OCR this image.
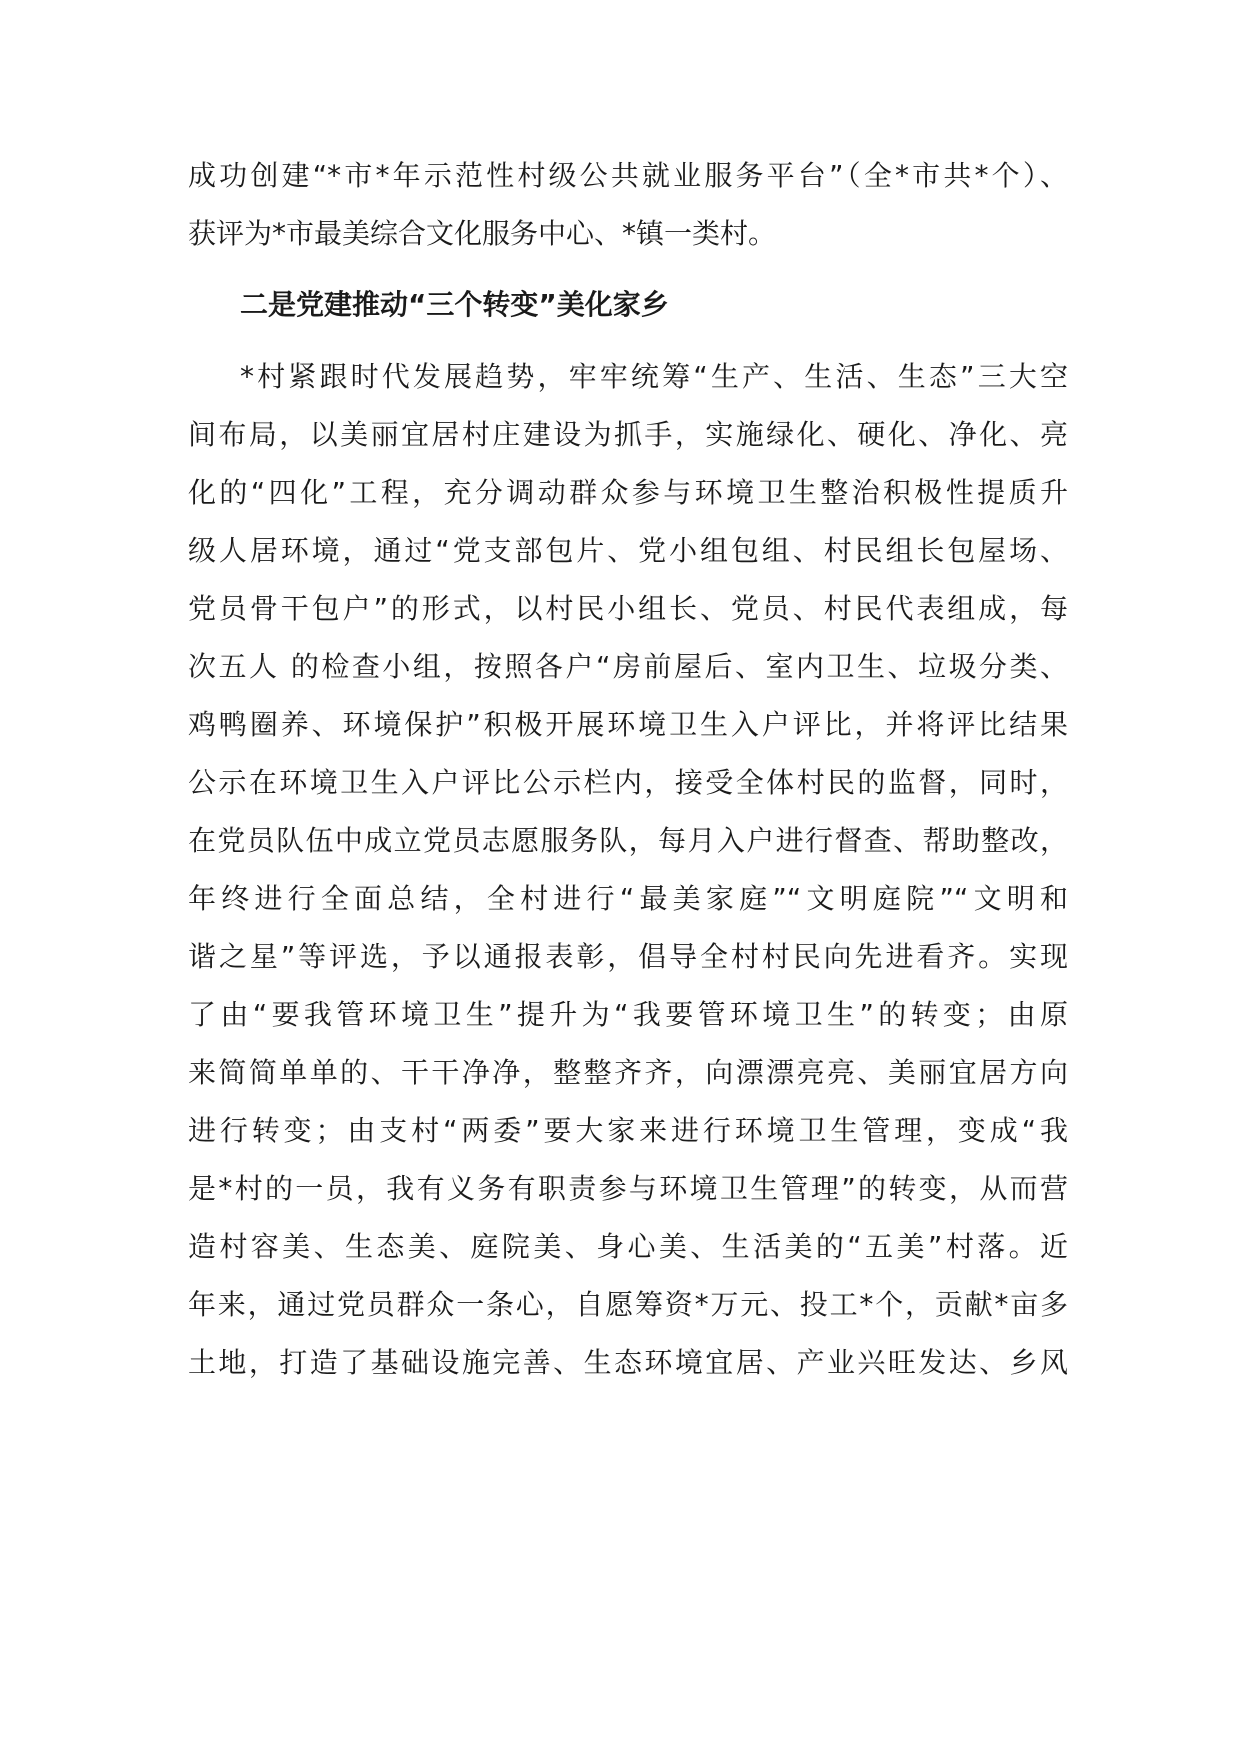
成功创建“*市*年示范性村级公共就业服务平台”（全*市共*个）、
获评为*市最美综合文化服务中心、*镇一类村。
二是党建推动“三个转变”美化家乡
*村紧跟时代发展趋势，牢牢统筹“生产、生活、生态”三大空
间布局，以美丽宜居村庄建设为抓手，实施绿化、硬化、净化、亮
化的“四化”工程，充分调动群众参与环境卫生整治积极性提质升
级人居环境，通过“党支部包片、党小组包组、村民组长包屋场、
党员骨干包户”的形式，以村民小组长、党员、村民代表组成，每
次五人 的检查小组，按照各户“房前屋后、室内卫生、垃圾分类、
鸡鸭圈养、环境保护”积极开展环境卫生入户评比，并将评比结果
公示在环境卫生入户评比公示栏内，接受全体村民的监督，同时，
在党员队伍中成立党员志愿服务队，每月入户进行督查、帮助整改，
年终进行全面总结，全村进行“最美家庭”“文明庭院”“文明和
谐之星”等评选，予以通报表彰，倡导全村村民向先进看齐。实现
了由“要我管环境卫生”提升为“我要管环境卫生”的转变；由原
来简简单单的、干干净净，整整齐齐，向漂漂亮亮、美丽宜居方向
进行转变；由支村“两委”要大家来进行环境卫生管理，变成“我
是*村的一员，我有义务有职责参与环境卫生管理”的转变，从而营
造村容美、生态美、庭院美、身心美、生活美的“五美”村落。近
年来，通过党员群众一条心，自愿筹资*万元、投工*个，贡献*亩多
土地，打造了基础设施完善、生态环境宜居、产业兴旺发达、乡风
